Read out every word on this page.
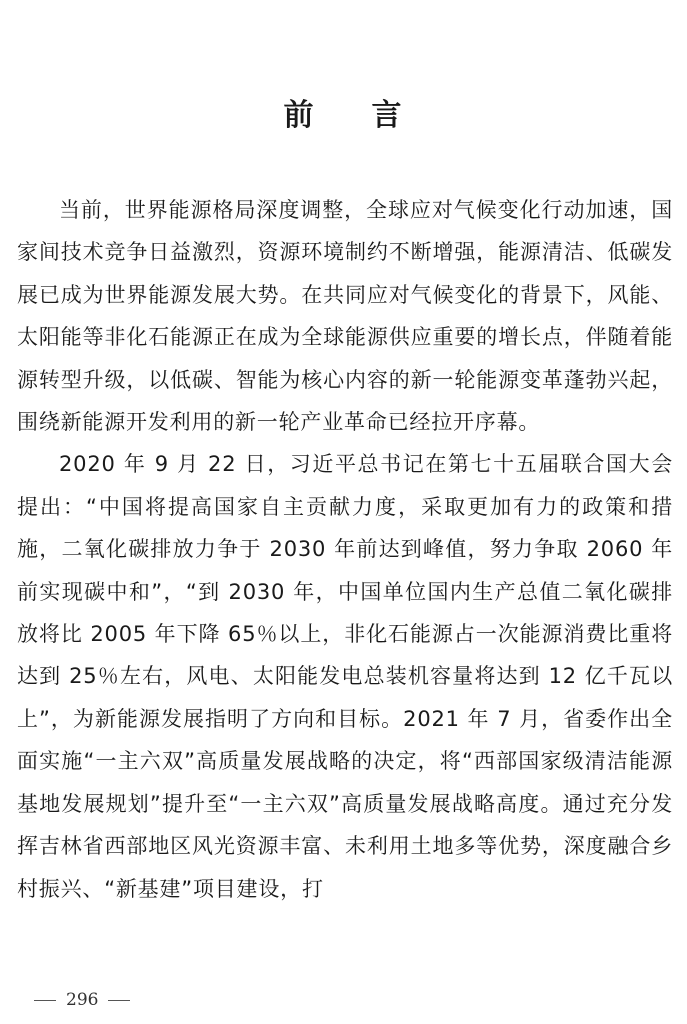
前 言

当前，世界能源格局深度调整，全球应对气候变化行动加速，国家间技术竞争日益激烈，资源环境制约不断增强，能源清洁、低碳发展已成为世界能源发展大势。在共同应对气候变化的背景下，风能、太阳能等非化石能源正在成为全球能源供应重要的增长点，伴随着能源转型升级，以低碳、智能为核心内容的新一轮能源变革蓬勃兴起，围绕新能源开发利用的新一轮产业革命已经拉开序幕。

2020 年 9 月 22 日，习近平总书记在第七十五届联合国大会提出：“中国将提高国家自主贡献力度，采取更加有力的政策和措施，二氧化碳排放力争于 2030 年前达到峰值，努力争取 2060 年前实现碳中和”，“到 2030 年，中国单位国内生产总值二氧化碳排放将比 2005 年下降 65％以上，非化石能源占一次能源消费比重将达到 25％左右，风电、太阳能发电总装机容量将达到 12 亿千瓦以上”，为新能源发展指明了方向和目标。2021 年 7 月，省委作出全面实施“一主六双”高质量发展战略的决定，将“西部国家级清洁能源基地发展规划”提升至“一主六双”高质量发展战略高度。通过充分发挥吉林省西部地区风光资源丰富、未利用土地多等优势，深度融合乡村振兴、“新基建”项目建设，打

296
